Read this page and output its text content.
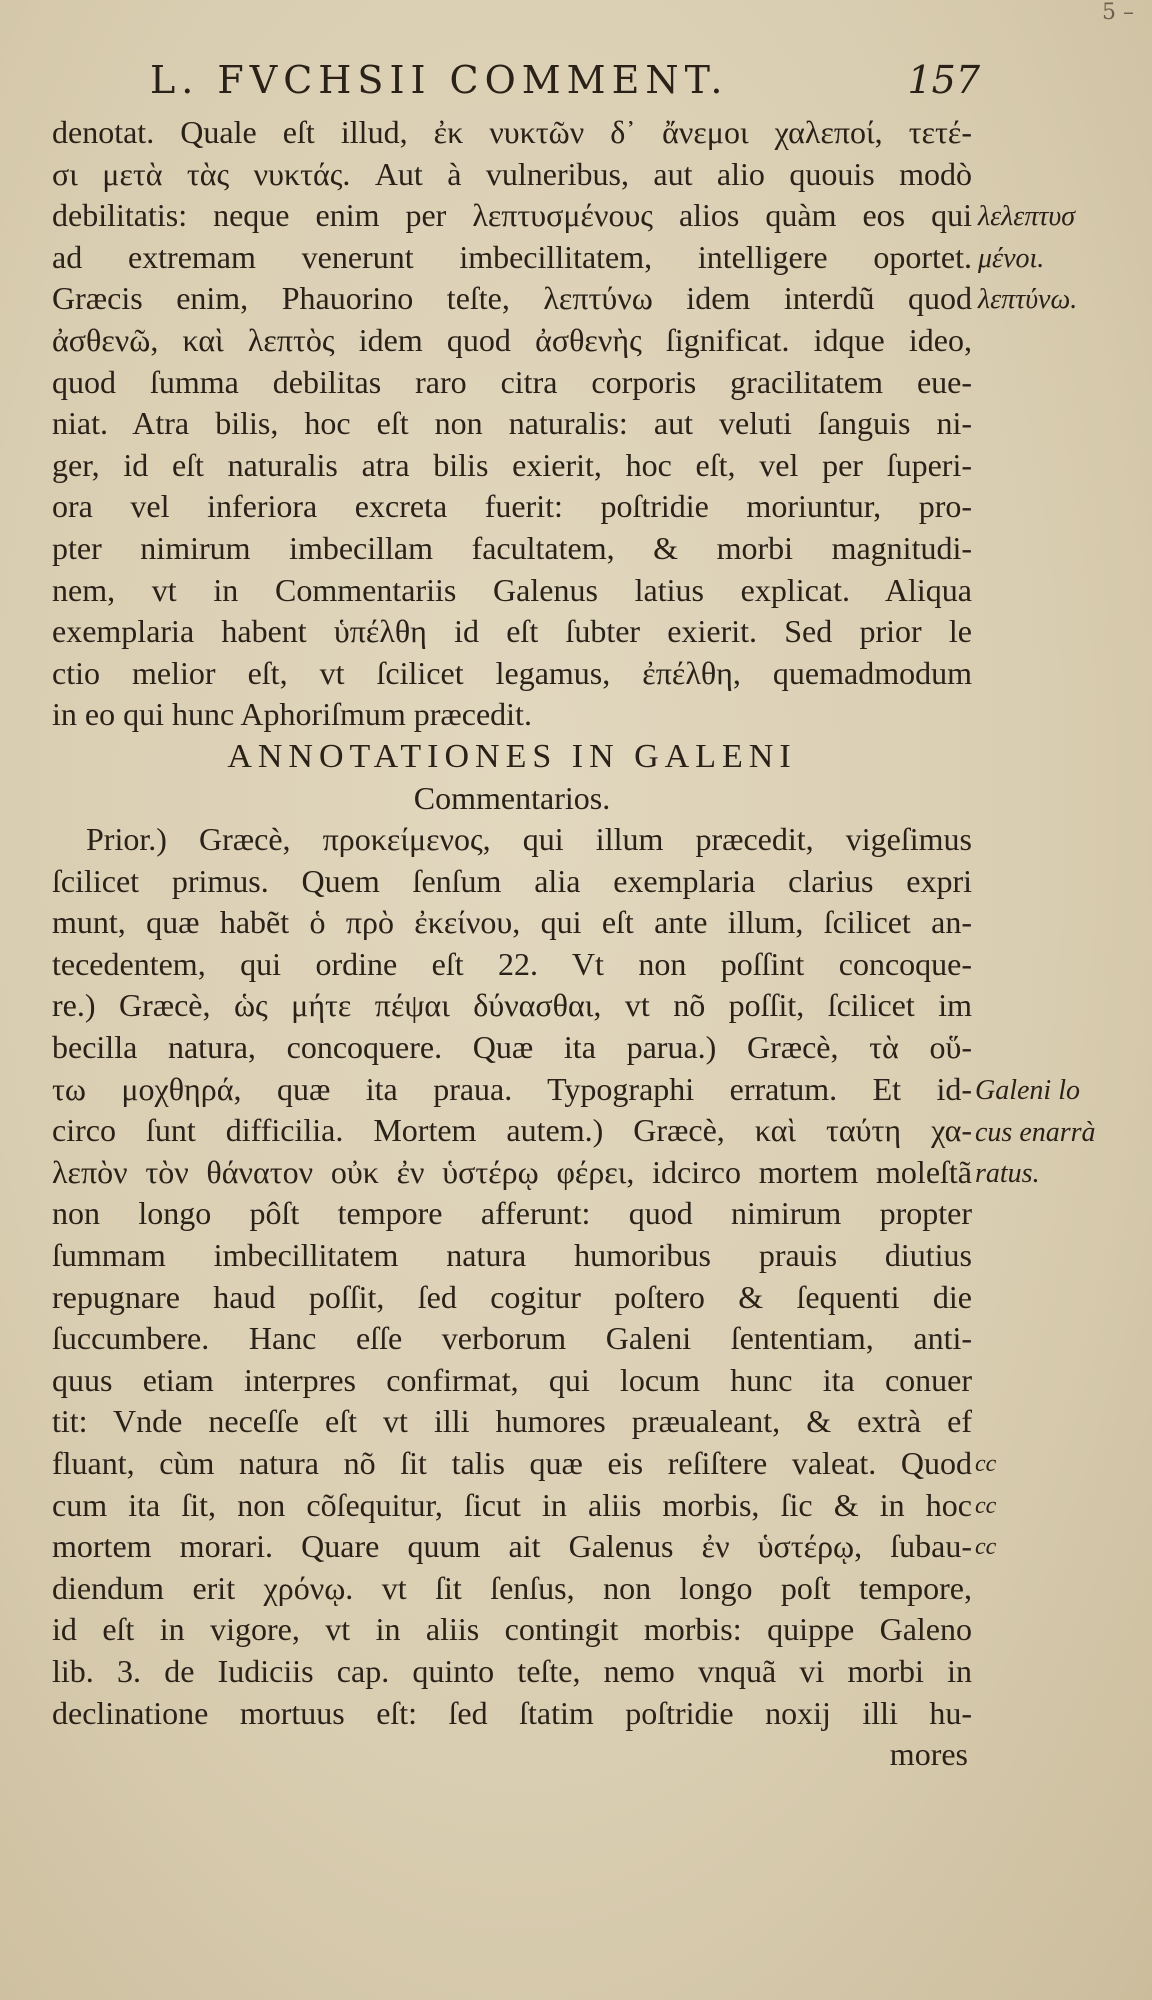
5 –
L. FVCHSII COMMENT.	157
denotat. Quale eſt illud, ἐκ νυκτῶν δ᾽ ἄνεμοι χαλεποί, τετέ-
σι μετὰ τὰς νυκτάς. Aut à vulneribus, aut alio quouis modò
debilitatis: neque enim per λεπτυσμένους alios quàm eos qui
ad extremam venerunt imbecillitatem, intelligere oportet.
Græcis enim, Phauorino teſte, λεπτύνω idem interdũ quod
ἀσθενῶ, καὶ λεπτὸς idem quod ἀσθενὴς ſignificat. idque ideo,
quod ſumma debilitas raro citra corporis gracilitatem eue-
niat. Atra bilis, hoc eſt non naturalis: aut veluti ſanguis ni-
ger, id eſt naturalis atra bilis exierit, hoc eſt, vel per ſuperi-
ora vel inferiora excreta fuerit: poſtridie moriuntur, pro-
pter nimirum imbecillam facultatem, & morbi magnitudi-
nem, vt in Commentariis Galenus latius explicat. Aliqua
exemplaria habent ὑπέλθη id eſt ſubter exierit. Sed prior le
ctio melior eſt, vt ſcilicet legamus, ἐπέλθη, quemadmodum
in eo qui hunc Aphoriſmum præcedit.
ANNOTATIONES IN GALENI
Commentarios.
Prior.) Græcè, προκείμενος, qui illum præcedit, vigeſimus
ſcilicet primus. Quem ſenſum alia exemplaria clarius expri
munt, quæ habẽt ὁ πρὸ ἐκείνου, qui eſt ante illum, ſcilicet an-
tecedentem, qui ordine eſt 22. Vt non poſſint concoque-
re.) Græcè, ὡς μήτε πέψαι δύνασθαι, vt nõ poſſit, ſcilicet im
becilla natura, concoquere. Quæ ita parua.) Græcè, τὰ οὕ-
τω μοχθηρά, quæ ita praua. Typographi erratum. Et id-
circo ſunt difficilia. Mortem autem.) Græcè, καὶ ταύτη χα-
λεπὸν τὸν θάνατον οὐκ ἐν ὑστέρῳ φέρει, idcirco mortem moleſtã
non longo pôſt tempore afferunt: quod nimirum propter
ſummam imbecillitatem natura humoribus prauis diutius
repugnare haud poſſit, ſed cogitur poſtero & ſequenti die
ſuccumbere. Hanc eſſe verborum Galeni ſententiam, anti-
quus etiam interpres confirmat, qui locum hunc ita conuer
tit: Vnde neceſſe eſt vt illi humores præualeant, & extrà ef
fluant, cùm natura nõ ſit talis quæ eis reſiſtere valeat. Quod
cum ita ſit, non cõſequitur, ſicut in aliis morbis, ſic & in hoc
mortem morari. Quare quum ait Galenus ἐν ὑστέρῳ, ſubau-
diendum erit χρόνῳ. vt ſit ſenſus, non longo poſt tempore,
id eſt in vigore, vt in aliis contingit morbis: quippe Galeno
lib. 3. de Iudiciis cap. quinto teſte, nemo vnquã vi morbi in
declinatione mortuus eſt: ſed ſtatim poſtridie noxij illi hu-
mores
λελεπτυσ
μένοι.
λεπτύνω.
Galeni lo
cus enarrà
ratus.
cc
cc
cc
